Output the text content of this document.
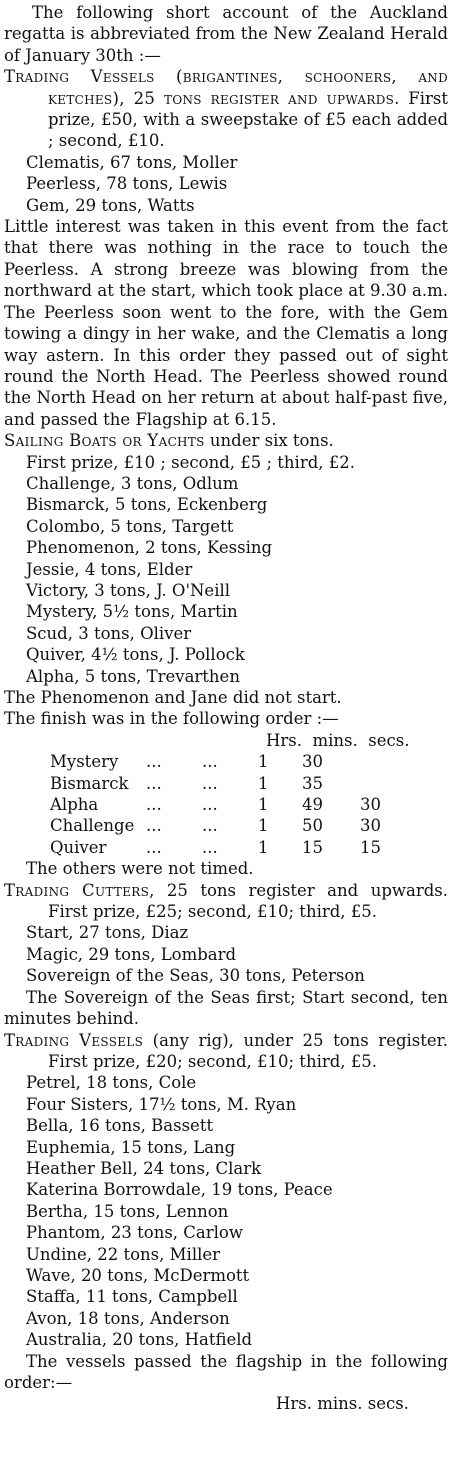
The following short account of the Auckland regatta is abbreviated from the New Zealand Herald of January 30th :—

Trading Vessels (brigantines, schooners, and ketches), 25 tons register and upwards. First prize, £50, with a sweepstake of £5 each added ; second, £10.

Clematis, 67 tons, Moller

Peerless, 78 tons, Lewis

Gem, 29 tons, Watts

Little interest was taken in this event from the fact that there was nothing in the race to touch the Peerless. A strong breeze was blowing from the northward at the start, which took place at 9.30 a.m. The Peerless soon went to the fore, with the Gem towing a dingy in her wake, and the Clematis a long way astern. In this order they passed out of sight round the North Head. The Peerless showed round the North Head on her return at about half-past five, and passed the Flagship at 6.15.

Sailing Boats or Yachts under six tons.

First prize, £10 ; second, £5 ; third, £2.

Challenge, 3 tons, Odlum

Bismarck, 5 tons, Eckenberg

Colombo, 5 tons, Targett

Phenomenon, 2 tons, Kessing

Jessie, 4 tons, Elder

Victory, 3 tons, J. O'Neill

Mystery, 5½ tons, Martin

Scud, 3 tons, Oliver

Quiver, 4½ tons, J. Pollock

Alpha, 5 tons, Trevarthen

The Phenomenon and Jane did not start.

The finish was in the following order :—

Hrs. mins. secs.
Mystery	...	...	1	30	
Bismarck	...	...	1	35	
Alpha	...	...	1	49	30
Challenge	...	...	1	50	30
Quiver	...	...	1	15	15

The others were not timed.

Trading Cutters, 25 tons register and upwards. First prize, £25; second, £10; third, £5.

Start, 27 tons, Diaz

Magic, 29 tons, Lombard

Sovereign of the Seas, 30 tons, Peterson

The Sovereign of the Seas first; Start second, ten minutes behind.

Trading Vessels (any rig), under 25 tons register. First prize, £20; second, £10; third, £5.

Petrel, 18 tons, Cole

Four Sisters, 17½ tons, M. Ryan

Bella, 16 tons, Bassett

Euphemia, 15 tons, Lang

Heather Bell, 24 tons, Clark

Katerina Borrowdale, 19 tons, Peace

Bertha, 15 tons, Lennon

Phantom, 23 tons, Carlow

Undine, 22 tons, Miller

Wave, 20 tons, McDermott

Staffa, 11 tons, Campbell

Avon, 18 tons, Anderson

Australia, 20 tons, Hatfield

The vessels passed the flagship in the following order:—

Hrs. mins. secs.
